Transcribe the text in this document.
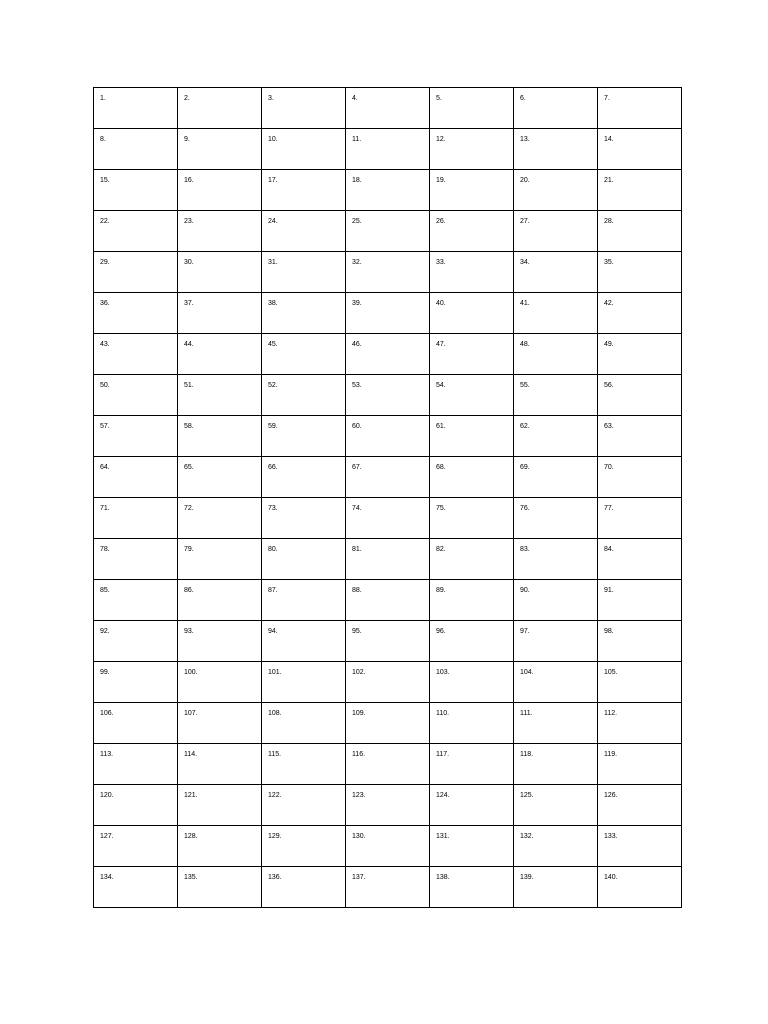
1.	2.	3.	4.	5.	6.	7.

8.	9.	10.	11.	12.	13.	14.

15.	16.	17.	18.	19.	20.	21.

22.	23.	24.	25.	26.	27.	28.

29.	30.	31.	32.	33.	34.	35.

36.	37.	38.	39.	40.	41.	42.

43.	44.	45.	46.	47.	48.	49.

50.	51.	52.	53.	54.	55.	56.

57.	58.	59.	60.	61.	62.	63.

64.	65.	66.	67.	68.	69.	70.

71.	72.	73.	74.	75.	76.	77.

78.	79.	80.	81.	82.	83.	84.

85.	86.	87.	88.	89.	90.	91.

92.	93.	94.	95.	96.	97.	98.

99.	100.	101.	102.	103.	104.	105.

106.	107.	108.	109.	110.	111.	112.

113.	114.	115.	116.	117.	118.	119.

120.	121.	122.	123.	124.	125.	126.

127.	128.	129.	130.	131.	132.	133.

134.	135.	136.	137.	138.	139.	140.
